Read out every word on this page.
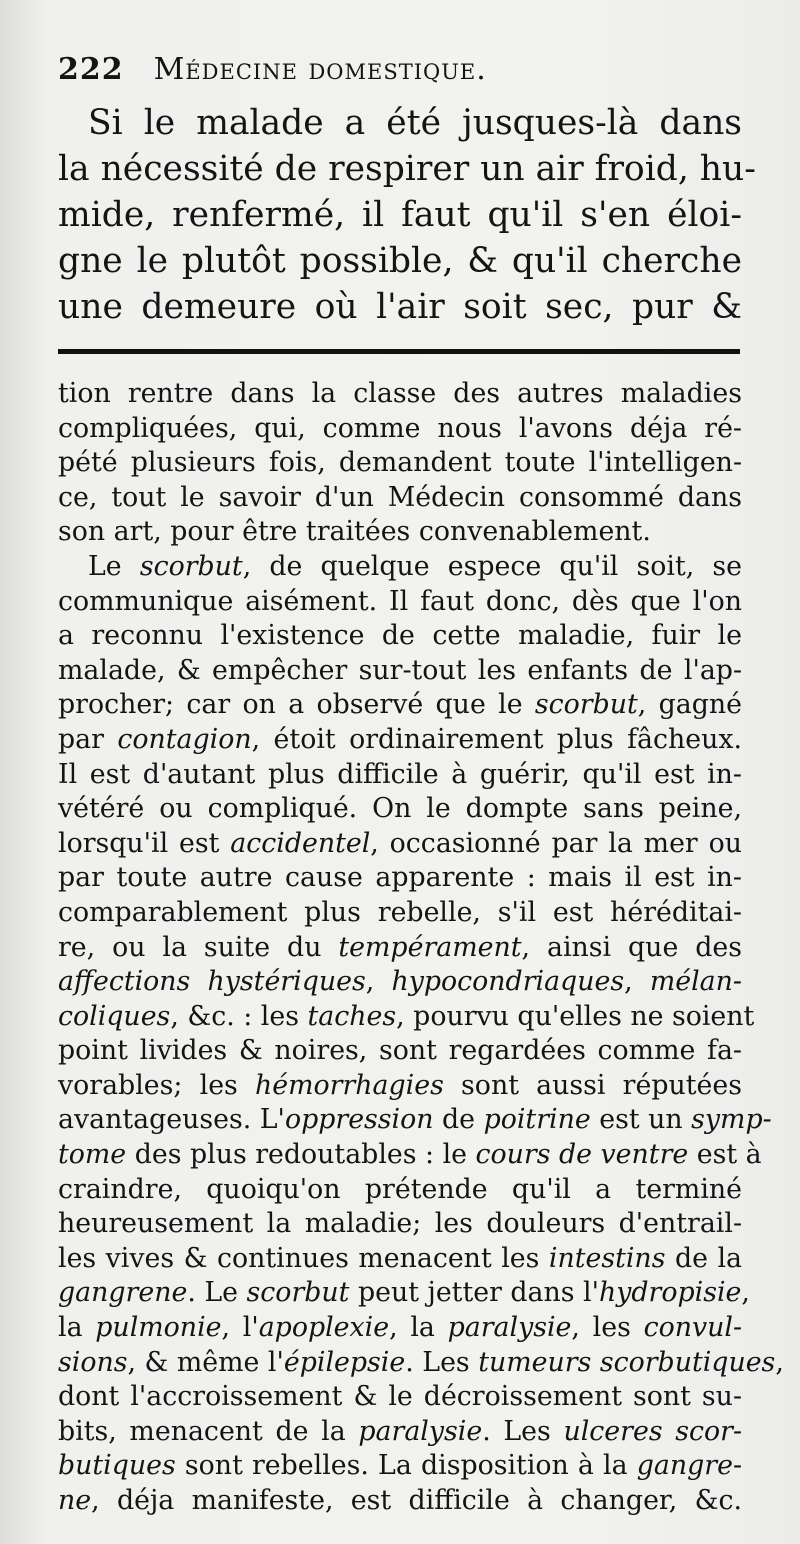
222 Médecine domestique.
Si le malade a été jusques-là dans
la nécessité de respirer un air froid, hu-
mide, renfermé, il faut qu'il s'en éloi-
gne le plutôt possible, & qu'il cherche
une demeure où l'air soit sec, pur &
tion rentre dans la classe des autres maladies
compliquées, qui, comme nous l'avons déja ré-
pété plusieurs fois, demandent toute l'intelligen-
ce, tout le savoir d'un Médecin consommé dans
son art, pour être traitées convenablement.
Le scorbut, de quelque espece qu'il soit, se
communique aisément. Il faut donc, dès que l'on
a reconnu l'existence de cette maladie, fuir le
malade, & empêcher sur-tout les enfants de l'ap-
procher; car on a observé que le scorbut, gagné
par contagion, étoit ordinairement plus fâcheux.
Il est d'autant plus difficile à guérir, qu'il est in-
vétéré ou compliqué. On le dompte sans peine,
lorsqu'il est accidentel, occasionné par la mer ou
par toute autre cause apparente : mais il est in-
comparablement plus rebelle, s'il est héréditai-
re, ou la suite du tempérament, ainsi que des
affections hystériques, hypocondriaques, mélan-
coliques, &c. : les taches, pourvu qu'elles ne soient
point livides & noires, sont regardées comme fa-
vorables; les hémorrhagies sont aussi réputées
avantageuses. L'oppression de poitrine est un symp-
tome des plus redoutables : le cours de ventre est à
craindre, quoiqu'on prétende qu'il a terminé
heureusement la maladie; les douleurs d'entrail-
les vives & continues menacent les intestins de la
gangrene. Le scorbut peut jetter dans l'hydropisie,
la pulmonie, l'apoplexie, la paralysie, les convul-
sions, & même l'épilepsie. Les tumeurs scorbutiques,
dont l'accroissement & le décroissement sont su-
bits, menacent de la paralysie. Les ulceres scor-
butiques sont rebelles. La disposition à la gangre-
ne, déja manifeste, est difficile à changer, &c.
